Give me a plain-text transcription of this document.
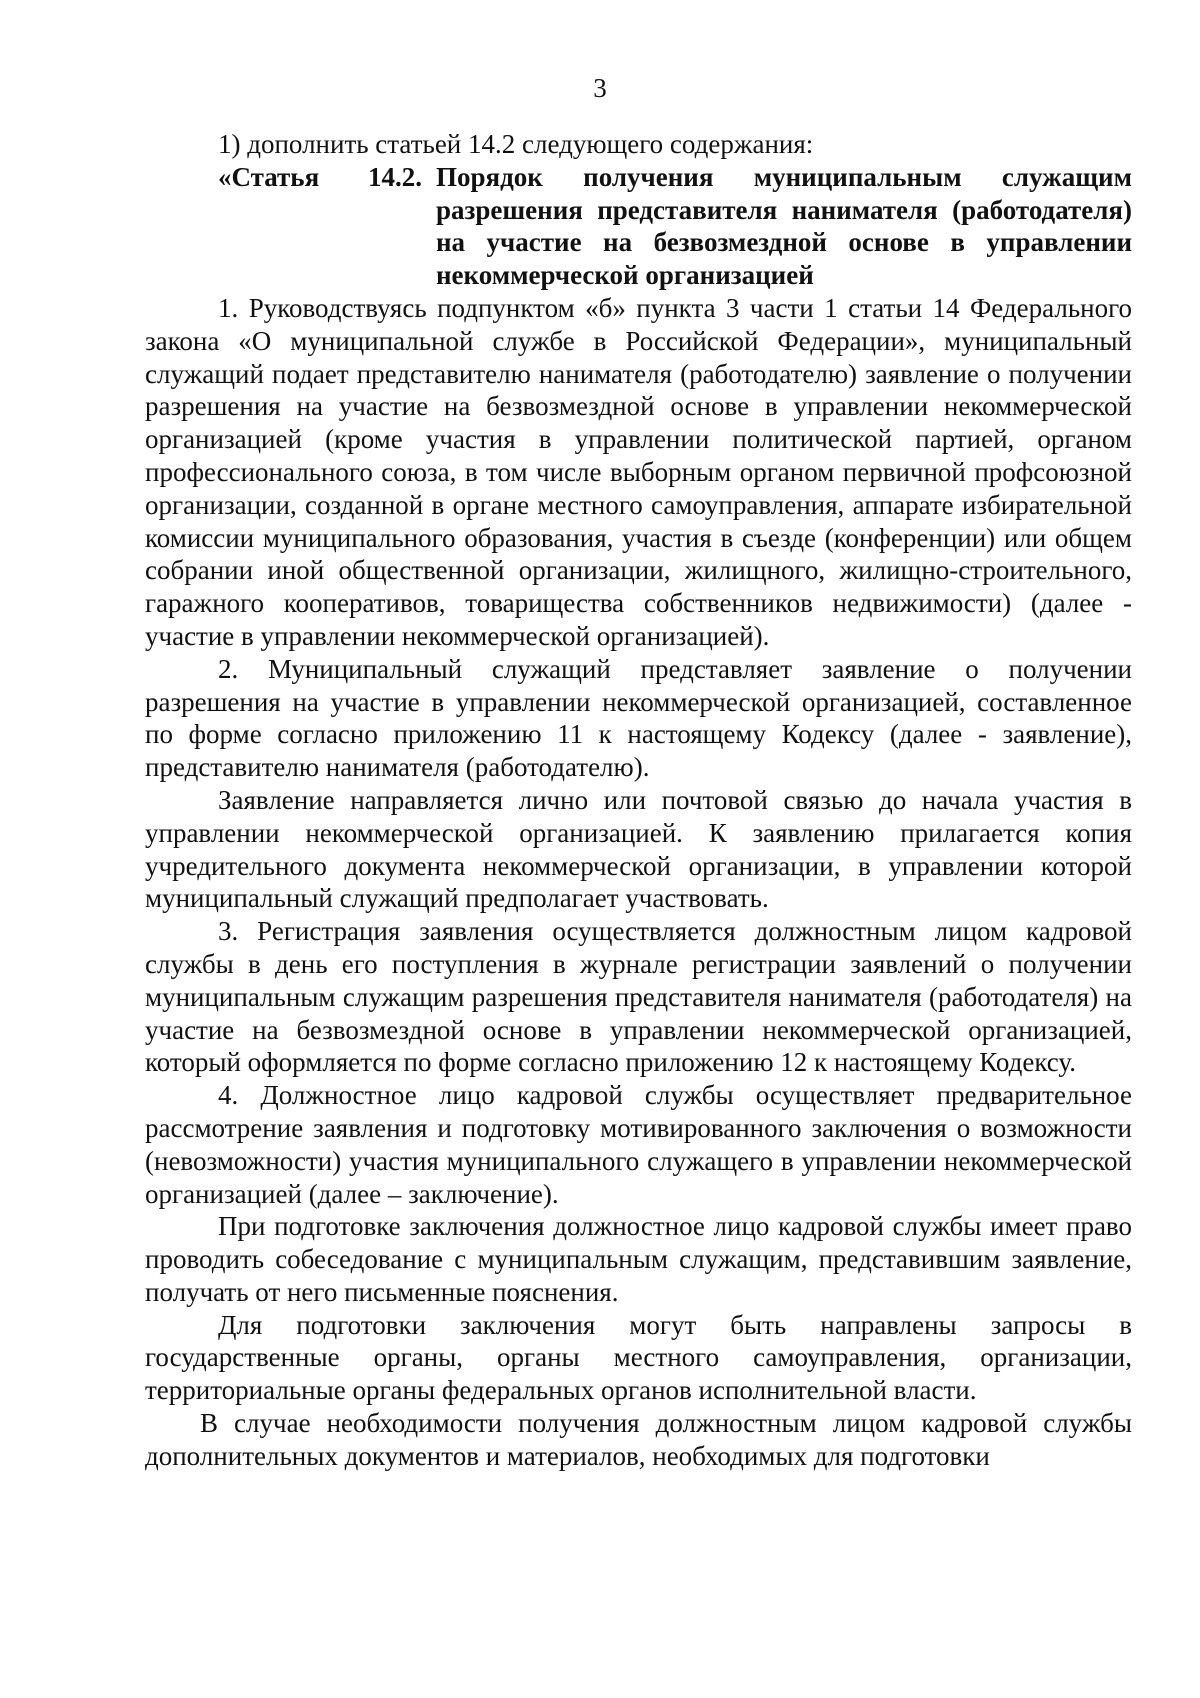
3

1) дополнить статьей 14.2 следующего содержания:

«Статья 14.2. Порядок получения муниципальным служащим разрешения представителя нанимателя (работодателя) на участие на безвозмездной основе в управлении некоммерческой организацией

1. Руководствуясь подпунктом «б» пункта 3 части 1 статьи 14 Федерального закона «О муниципальной службе в Российской Федерации», муниципальный служащий подает представителю нанимателя (работодателю) заявление о получении разрешения на участие на безвозмездной основе в управлении некоммерческой организацией (кроме участия в управлении политической партией, органом профессионального союза, в том числе выборным органом первичной профсоюзной организации, созданной в органе местного самоуправления, аппарате избирательной комиссии муниципального образования, участия в съезде (конференции) или общем собрании иной общественной организации, жилищного, жилищно-строительного, гаражного кооперативов, товарищества собственников недвижимости) (далее - участие в управлении некоммерческой организацией).

2. Муниципальный служащий представляет заявление о получении разрешения на участие в управлении некоммерческой организацией, составленное по форме согласно приложению 11 к настоящему Кодексу (далее - заявление), представителю нанимателя (работодателю).

Заявление направляется лично или почтовой связью до начала участия в управлении некоммерческой организацией. К заявлению прилагается копия учредительного документа некоммерческой организации, в управлении которой муниципальный служащий предполагает участвовать.

3. Регистрация заявления осуществляется должностным лицом кадровой службы в день его поступления в журнале регистрации заявлений о получении муниципальным служащим разрешения представителя нанимателя (работодателя) на участие на безвозмездной основе в управлении некоммерческой организацией, который оформляется по форме согласно приложению 12 к настоящему Кодексу.

4. Должностное лицо кадровой службы осуществляет предварительное рассмотрение заявления и подготовку мотивированного заключения о возможности (невозможности) участия муниципального служащего в управлении некоммерческой организацией (далее – заключение).

При подготовке заключения должностное лицо кадровой службы имеет право проводить собеседование с муниципальным служащим, представившим заявление, получать от него письменные пояснения.

Для подготовки заключения могут быть направлены запросы в государственные органы, органы местного самоуправления, организации, территориальные органы федеральных органов исполнительной власти.

В случае необходимости получения должностным лицом кадровой службы дополнительных документов и материалов, необходимых для подготовки
